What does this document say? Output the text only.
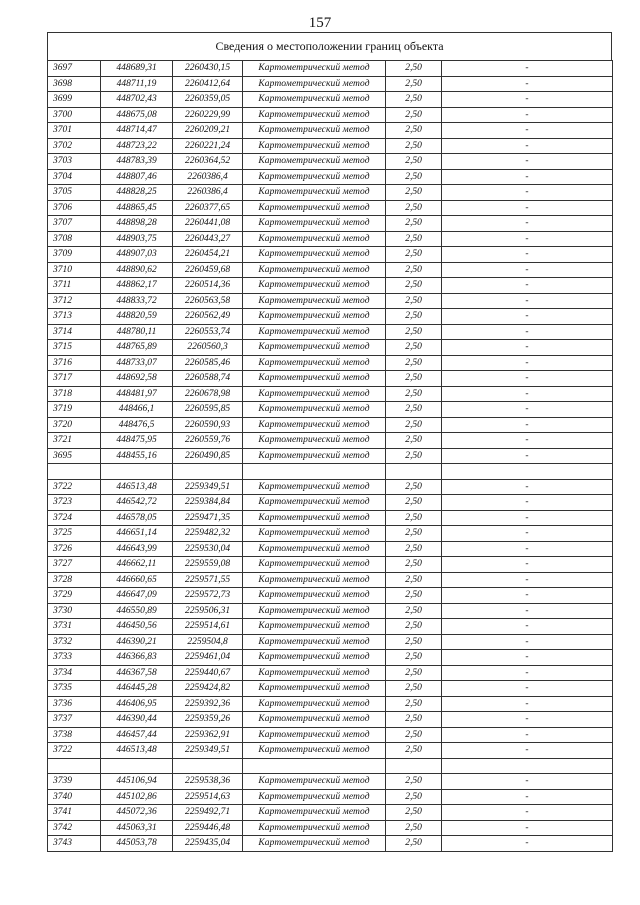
157
Сведения о местоположении границ объекта
3697	448689,31	2260430,15	Картометрический метод	2,50	-
3698	448711,19	2260412,64	Картометрический метод	2,50	-
3699	448702,43	2260359,05	Картометрический метод	2,50	-
3700	448675,08	2260229,99	Картометрический метод	2,50	-
3701	448714,47	2260209,21	Картометрический метод	2,50	-
3702	448723,22	2260221,24	Картометрический метод	2,50	-
3703	448783,39	2260364,52	Картометрический метод	2,50	-
3704	448807,46	2260386,4	Картометрический метод	2,50	-
3705	448828,25	2260386,4	Картометрический метод	2,50	-
3706	448865,45	2260377,65	Картометрический метод	2,50	-
3707	448898,28	2260441,08	Картометрический метод	2,50	-
3708	448903,75	2260443,27	Картометрический метод	2,50	-
3709	448907,03	2260454,21	Картометрический метод	2,50	-
3710	448890,62	2260459,68	Картометрический метод	2,50	-
3711	448862,17	2260514,36	Картометрический метод	2,50	-
3712	448833,72	2260563,58	Картометрический метод	2,50	-
3713	448820,59	2260562,49	Картометрический метод	2,50	-
3714	448780,11	2260553,74	Картометрический метод	2,50	-
3715	448765,89	2260560,3	Картометрический метод	2,50	-
3716	448733,07	2260585,46	Картометрический метод	2,50	-
3717	448692,58	2260588,74	Картометрический метод	2,50	-
3718	448481,97	2260678,98	Картометрический метод	2,50	-
3719	448466,1	2260595,85	Картометрический метод	2,50	-
3720	448476,5	2260590,93	Картометрический метод	2,50	-
3721	448475,95	2260559,76	Картометрический метод	2,50	-
3695	448455,16	2260490,85	Картометрический метод	2,50	-

3722	446513,48	2259349,51	Картометрический метод	2,50	-
3723	446542,72	2259384,84	Картометрический метод	2,50	-
3724	446578,05	2259471,35	Картометрический метод	2,50	-
3725	446651,14	2259482,32	Картометрический метод	2,50	-
3726	446643,99	2259530,04	Картометрический метод	2,50	-
3727	446662,11	2259559,08	Картометрический метод	2,50	-
3728	446660,65	2259571,55	Картометрический метод	2,50	-
3729	446647,09	2259572,73	Картометрический метод	2,50	-
3730	446550,89	2259506,31	Картометрический метод	2,50	-
3731	446450,56	2259514,61	Картометрический метод	2,50	-
3732	446390,21	2259504,8	Картометрический метод	2,50	-
3733	446366,83	2259461,04	Картометрический метод	2,50	-
3734	446367,58	2259440,67	Картометрический метод	2,50	-
3735	446445,28	2259424,82	Картометрический метод	2,50	-
3736	446406,95	2259392,36	Картометрический метод	2,50	-
3737	446390,44	2259359,26	Картометрический метод	2,50	-
3738	446457,44	2259362,91	Картометрический метод	2,50	-
3722	446513,48	2259349,51	Картометрический метод	2,50	-

3739	445106,94	2259538,36	Картометрический метод	2,50	-
3740	445102,86	2259514,63	Картометрический метод	2,50	-
3741	445072,36	2259492,71	Картометрический метод	2,50	-
3742	445063,31	2259446,48	Картометрический метод	2,50	-
3743	445053,78	2259435,04	Картометрический метод	2,50	-
